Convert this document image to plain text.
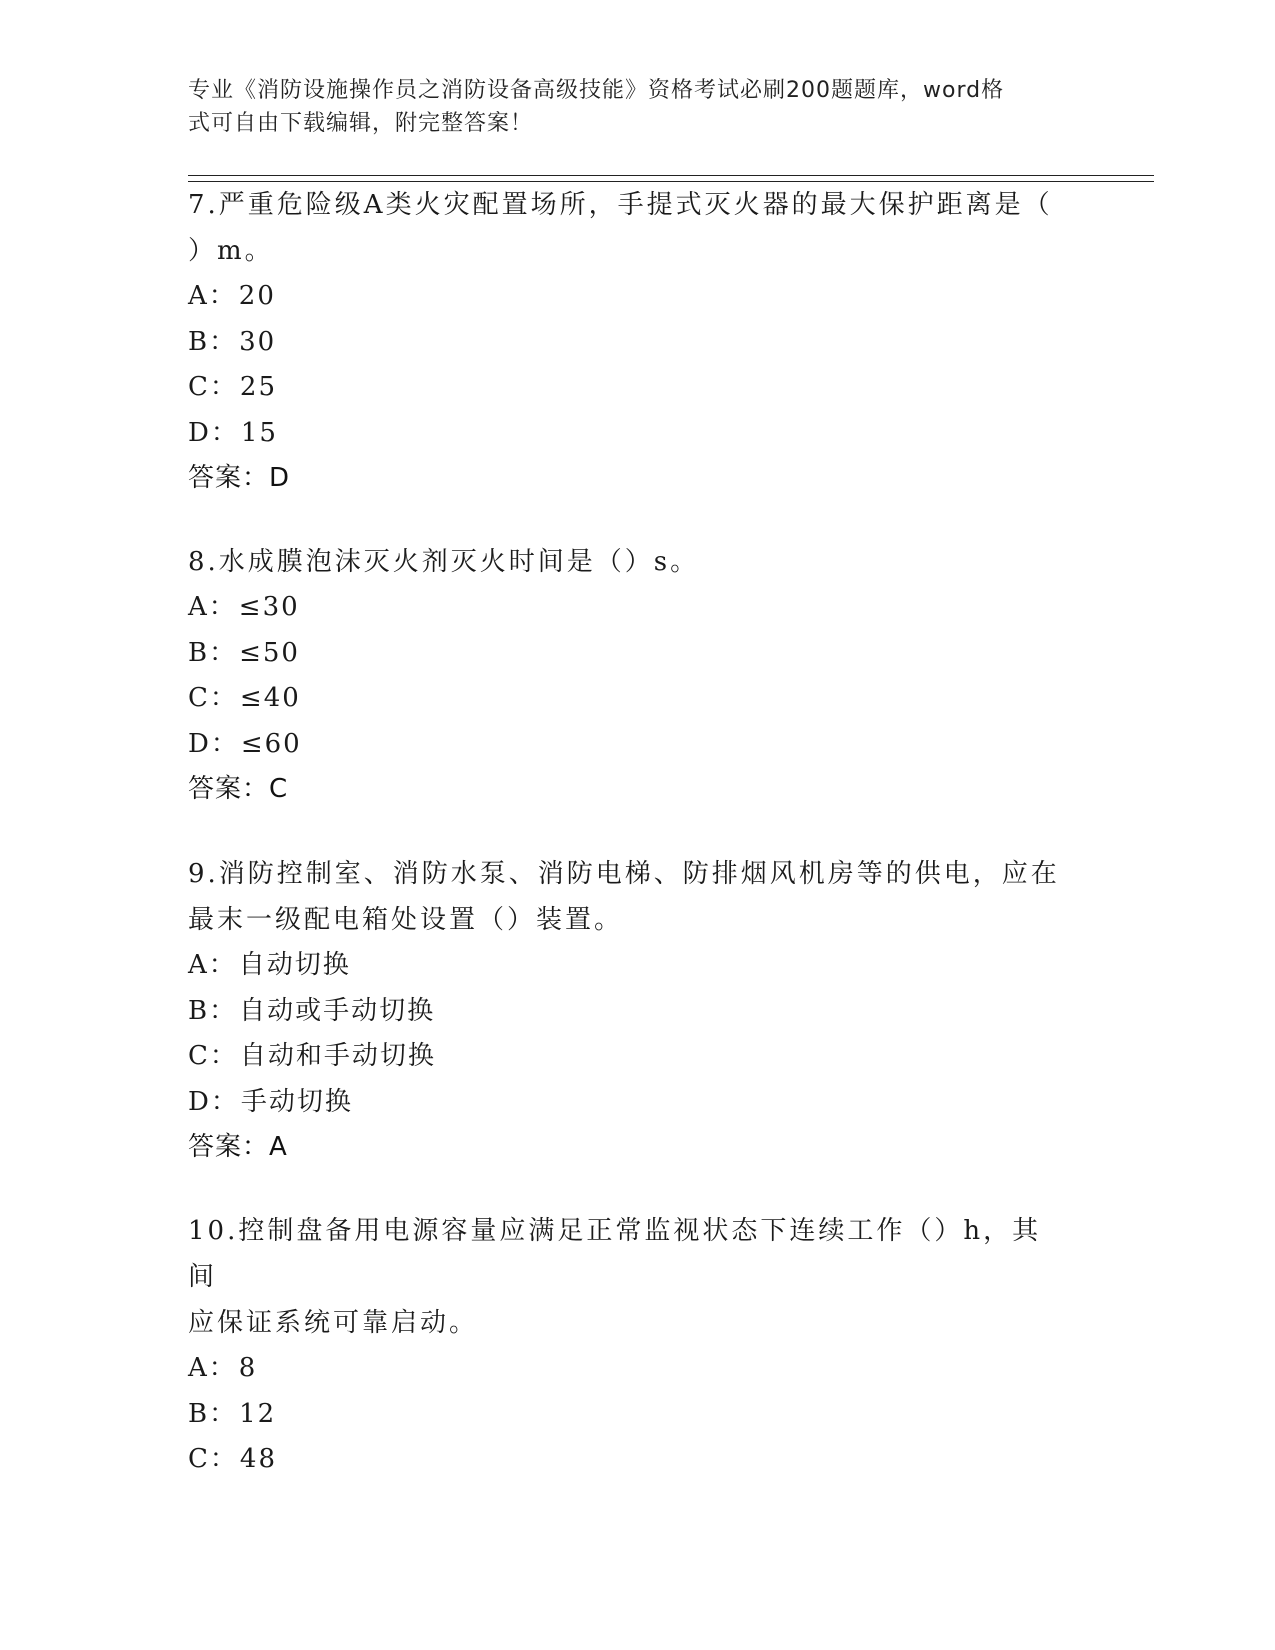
专业《消防设施操作员之消防设备高级技能》资格考试必刷200题题库，word格
式可自由下载编辑，附完整答案！

7.严重危险级A类火灾配置场所，手提式灭火器的最大保护距离是（
）m。

A：20

B：30

C：25

D：15

答案：D

8.水成膜泡沫灭火剂灭火时间是（）s。

A：≤30

B：≤50

C：≤40

D：≤60

答案：C

9.消防控制室、消防水泵、消防电梯、防排烟风机房等的供电，应在
最末一级配电箱处设置（）装置。

A：自动切换

B：自动或手动切换

C：自动和手动切换

D：手动切换

答案：A

10.控制盘备用电源容量应满足正常监视状态下连续工作（）h，其间
应保证系统可靠启动。

A：8

B：12

C：48
